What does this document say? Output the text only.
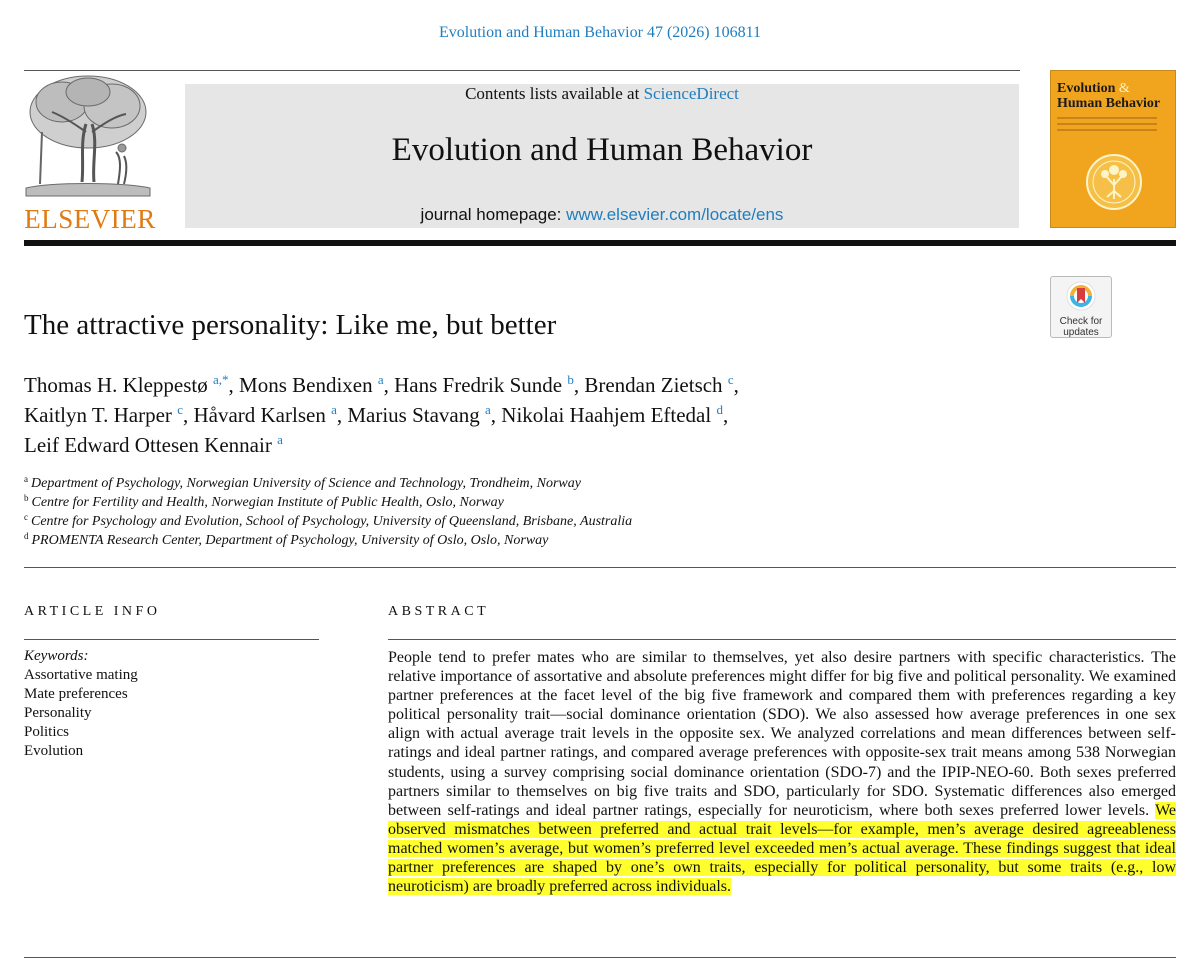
Evolution and Human Behavior 47 (2026) 106811
ELSEVIER
Contents lists available at ScienceDirect
Evolution and Human Behavior
journal homepage: www.elsevier.com/locate/ens
Evolution &
Human Behavior
Check for
updates
The attractive personality: Like me, but better
Thomas H. Kleppestø $^{a,*}$, Mons Bendixen $^a$, Hans Fredrik Sunde $^b$, Brendan Zietsch $^c$,
Kaitlyn T. Harper $^c$, Håvard Karlsen $^a$, Marius Stavang $^a$, Nikolai Haahjem Eftedal $^d$,
Leif Edward Ottesen Kennair $^a$
$^a$ Department of Psychology, Norwegian University of Science and Technology, Trondheim, Norway
$^b$ Centre for Fertility and Health, Norwegian Institute of Public Health, Oslo, Norway
$^c$ Centre for Psychology and Evolution, School of Psychology, University of Queensland, Brisbane, Australia
$^d$ PROMENTA Research Center, Department of Psychology, University of Oslo, Oslo, Norway
ARTICLE INFO
Keywords:
Assortative mating
Mate preferences
Personality
Politics
Evolution
ABSTRACT

People tend to prefer mates who are similar to themselves, yet also desire partners with specific characteristics. The relative importance of assortative and absolute preferences might differ for big five and political personality. We examined partner preferences at the facet level of the big five framework and compared them with preferences regarding a key political personality trait—social dominance orientation (SDO). We also assessed how average preferences in one sex align with actual average trait levels in the opposite sex. We analyzed correlations and mean differences between self-ratings and ideal partner ratings, and compared average preferences with opposite-sex trait means among 538 Norwegian students, using a survey comprising social dominance orientation (SDO-7) and the IPIP-NEO-60. Both sexes preferred partners similar to themselves on big five traits and SDO, particularly for SDO. Systematic differences also emerged between self-ratings and ideal partner ratings, especially for neuroticism, where both sexes preferred lower levels. We observed mismatches between preferred and actual trait levels—for example, men’s average desired agreeableness matched women’s average, but women’s preferred level exceeded men’s actual average. These findings suggest that ideal partner preferences are shaped by one’s own traits, especially for political personality, but some traits (e.g., low neuroticism) are broadly preferred across individuals.
